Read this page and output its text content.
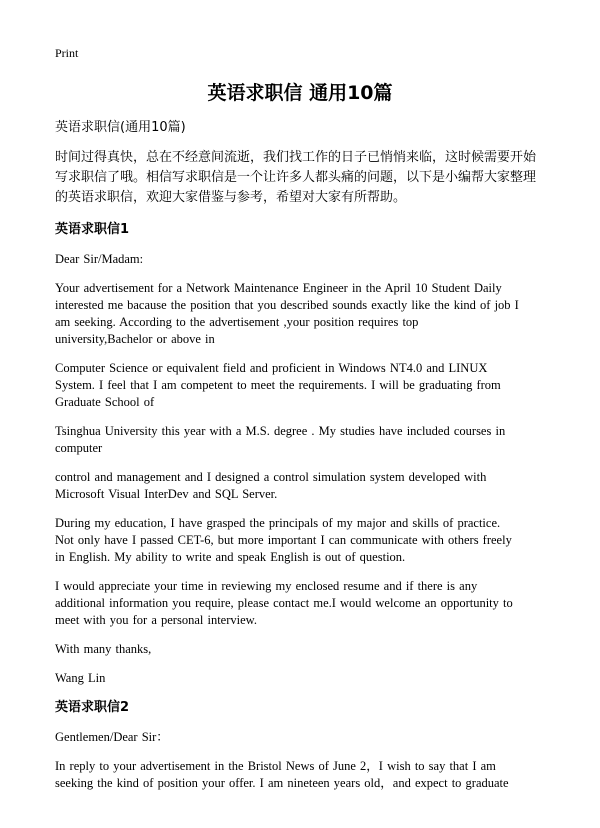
Print
英语求职信 通用10篇

英语求职信(通用10篇)

时间过得真快，总在不经意间流逝，我们找工作的日子已悄悄来临，这时候需要开始写求职信了哦。相信写求职信是一个让许多人都头痛的问题，以下是小编帮大家整理的英语求职信，欢迎大家借鉴与参考，希望对大家有所帮助。

英语求职信1

Dear Sir/Madam:

Your advertisement for a Network Maintenance Engineer in the April 10 Student Daily
interested me bacause the position that you described sounds exactly like the kind of job I
am seeking. According to the advertisement ,your position requires top
university,Bachelor or above in

Computer Science or equivalent field and proficient in Windows NT4.0 and LINUX
System. I feel that I am competent to meet the requirements. I will be graduating from
Graduate School of

Tsinghua University this year with a M.S. degree . My studies have included courses in
computer

control and management and I designed a control simulation system developed with
Microsoft Visual InterDev and SQL Server.

During my education, I have grasped the principals of my major and skills of practice.
Not only have I passed CET-6, but more important I can communicate with others freely
in English. My ability to write and speak English is out of question.

I would appreciate your time in reviewing my enclosed resume and if there is any
additional information you require, please contact me.I would welcome an opportunity to
meet with you for a personal interview.

With many thanks,

Wang Lin

英语求职信2

Gentlemen/Dear Sir：

In reply to your advertisement in the Bristol News of June 2，I wish to say that I am
seeking the kind of position your offer. I am nineteen years old，and expect to graduate
